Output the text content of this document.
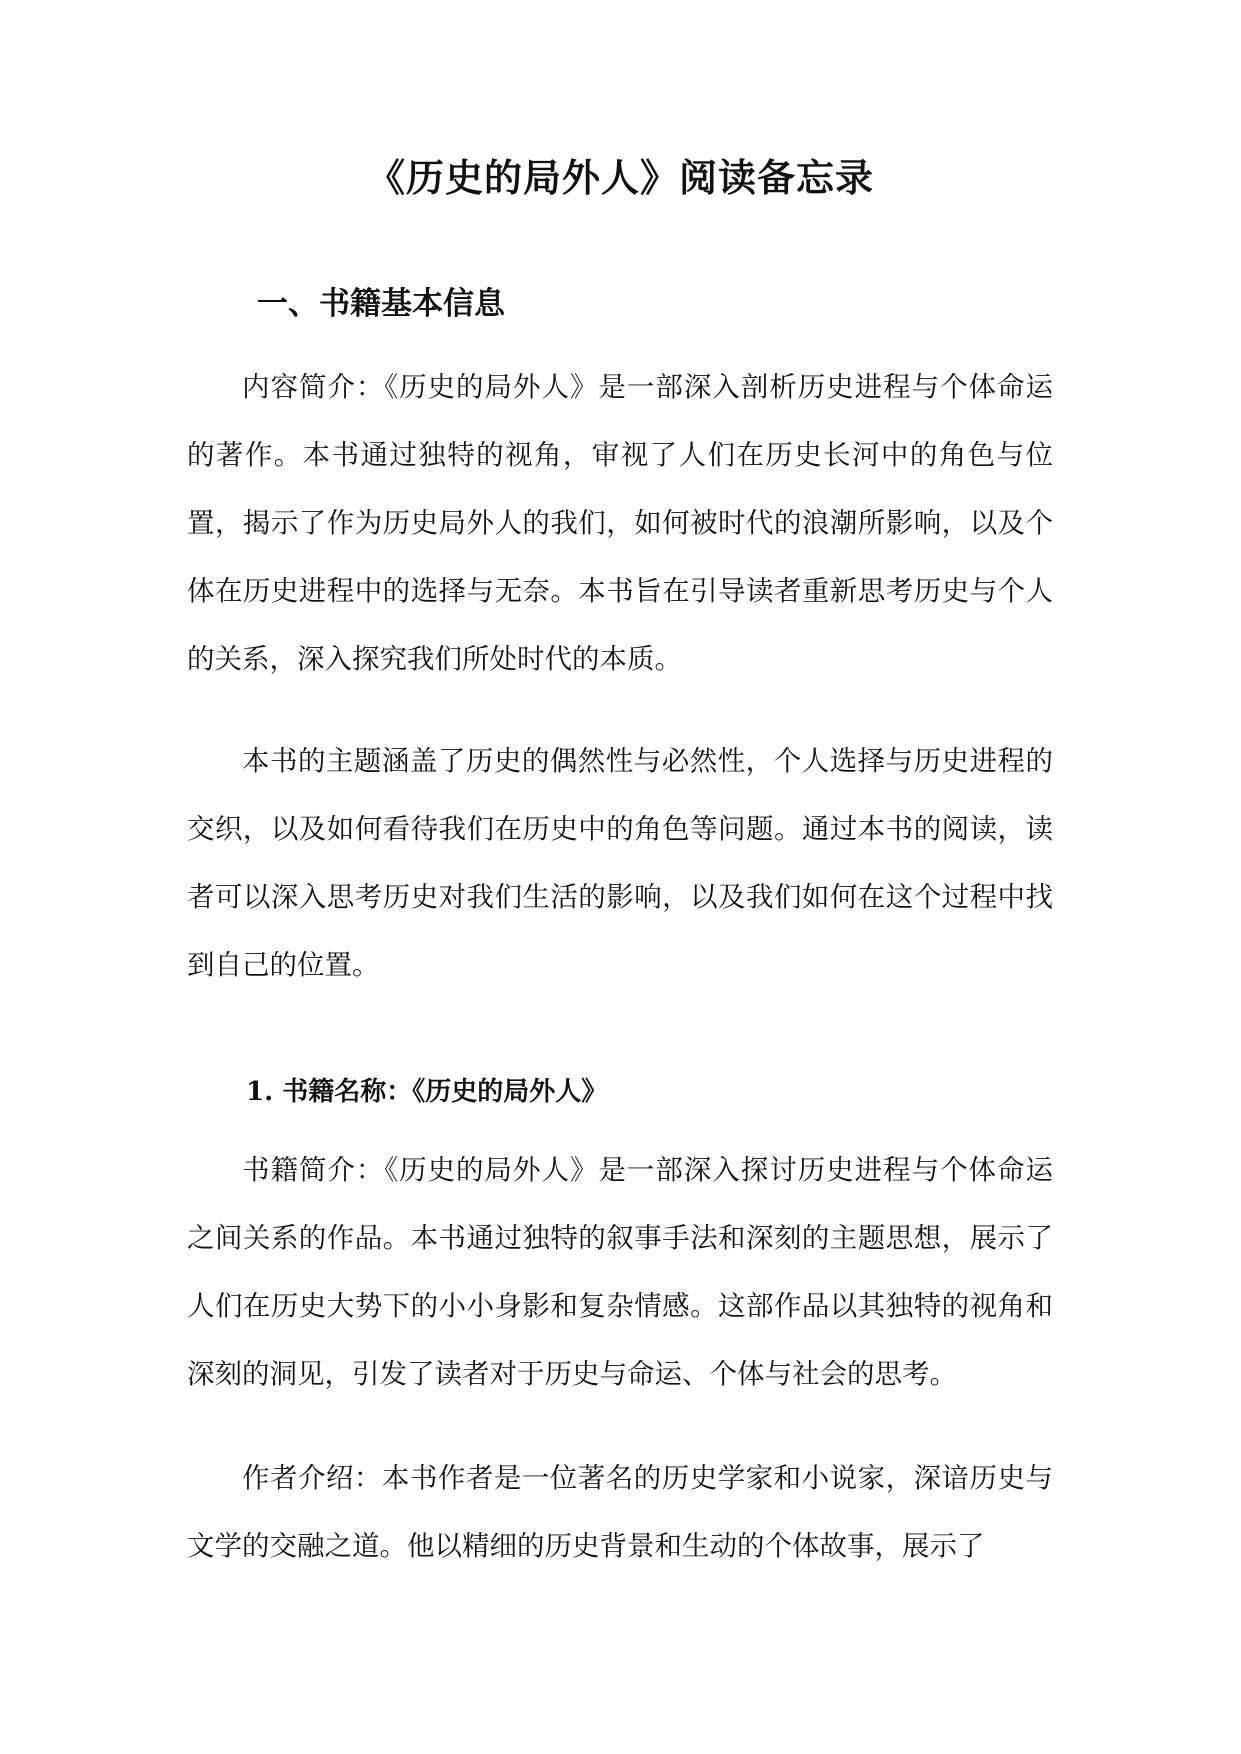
《历史的局外人》阅读备忘录
一、书籍基本信息

内容简介：《历史的局外人》是一部深入剖析历史进程与个体命运的著作。本书通过独特的视角，审视了人们在历史长河中的角色与位置，揭示了作为历史局外人的我们，如何被时代的浪潮所影响，以及个体在历史进程中的选择与无奈。本书旨在引导读者重新思考历史与个人的关系，深入探究我们所处时代的本质。

本书的主题涵盖了历史的偶然性与必然性，个人选择与历史进程的交织，以及如何看待我们在历史中的角色等问题。通过本书的阅读，读者可以深入思考历史对我们生活的影响，以及我们如何在这个过程中找到自己的位置。

1. 书籍名称：《历史的局外人》

书籍简介：《历史的局外人》是一部深入探讨历史进程与个体命运之间关系的作品。本书通过独特的叙事手法和深刻的主题思想，展示了人们在历史大势下的小小身影和复杂情感。这部作品以其独特的视角和深刻的洞见，引发了读者对于历史与命运、个体与社会的思考。

作者介绍：本书作者是一位著名的历史学家和小说家，深谙历史与文学的交融之道。他以精细的历史背景和生动的个体故事，展示了
